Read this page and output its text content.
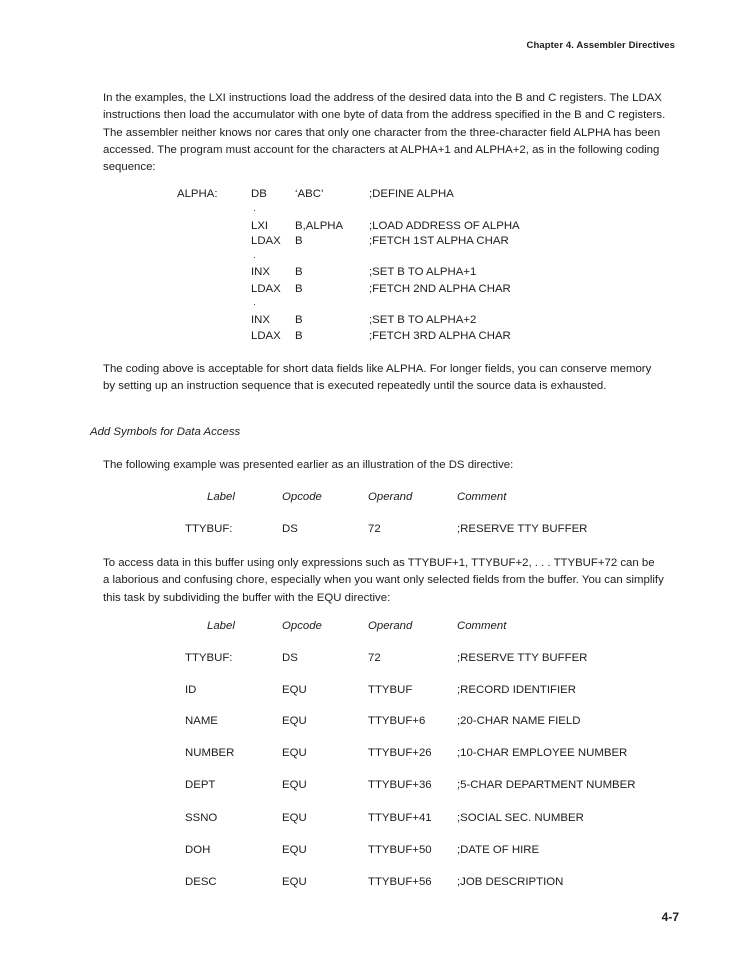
Chapter 4. Assembler Directives
In the examples, the LXI instructions load the address of the desired data into the B and C registers. The LDAX
instructions then load the accumulator with one byte of data from the address specified in the B and C registers.
The assembler neither knows nor cares that only one character from the three-character field ALPHA has been
accessed. The program must account for the characters at ALPHA+1 and ALPHA+2, as in the following coding
sequence:
ALPHA:	DB ‘ABC’	;DEFINE ALPHA
·
LXI B,ALPHA ;LOAD ADDRESS OF ALPHA
LDAX B	;FETCH 1ST ALPHA CHAR
·
INX B	;SET B TO ALPHA+1
LDAX B	;FETCH 2ND ALPHA CHAR
·
INX B	;SET B TO ALPHA+2
LDAX B	;FETCH 3RD ALPHA CHAR
The coding above is acceptable for short data fields like ALPHA. For longer fields, you can conserve memory
by setting up an instruction sequence that is executed repeatedly until the source data is exhausted.
Add Symbols for Data Access
The following example was presented earlier as an illustration of the DS directive:
Label	Opcode	Operand	Comment
TTYBUF:	DS	72	;RESERVE TTY BUFFER
To access data in this buffer using only expressions such as TTYBUF+1, TTYBUF+2, . . . TTYBUF+72 can be
a laborious and confusing chore, especially when you want only selected fields from the buffer. You can simplify
this task by subdividing the buffer with the EQU directive:
Label	Opcode	Operand	Comment
TTYBUF:	DS	72	;RESERVE TTY BUFFER
ID	EQU	TTYBUF	;RECORD IDENTIFIER
NAME	EQU	TTYBUF+6	;20-CHAR NAME FIELD
NUMBER	EQU	TTYBUF+26 ;10-CHAR EMPLOYEE NUMBER
DEPT	EQU	TTYBUF+36 ;5-CHAR DEPARTMENT NUMBER
SSNO	EQU	TTYBUF+41 ;SOCIAL SEC. NUMBER
DOH	EQU	TTYBUF+50 ;DATE OF HIRE
DESC	EQU	TTYBUF+56 ;JOB DESCRIPTION
4-7
